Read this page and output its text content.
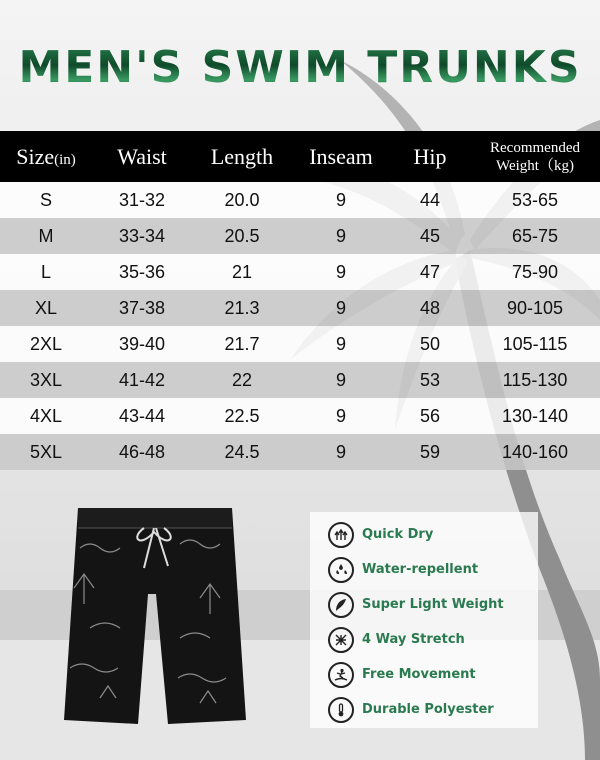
MEN'S SWIM TRUNKS
Size(in)	Waist	Length	Inseam	Hip	Recommended
Weight（kg)

S	31-32	20.0	9	44	53-65
M	33-34	20.5	9	45	65-75
L	35-36	21	9	47	75-90
XL	37-38	21.3	9	48	90-105
2XL	39-40	21.7	9	50	105-115
3XL	41-42	22	9	53	115-130
4XL	43-44	22.5	9	56	130-140
5XL	46-48	24.5	9	59	140-160
Quick Dry
Water-repellent
Super Light Weight
4 Way Stretch
Free Movement
Durable Polyester
